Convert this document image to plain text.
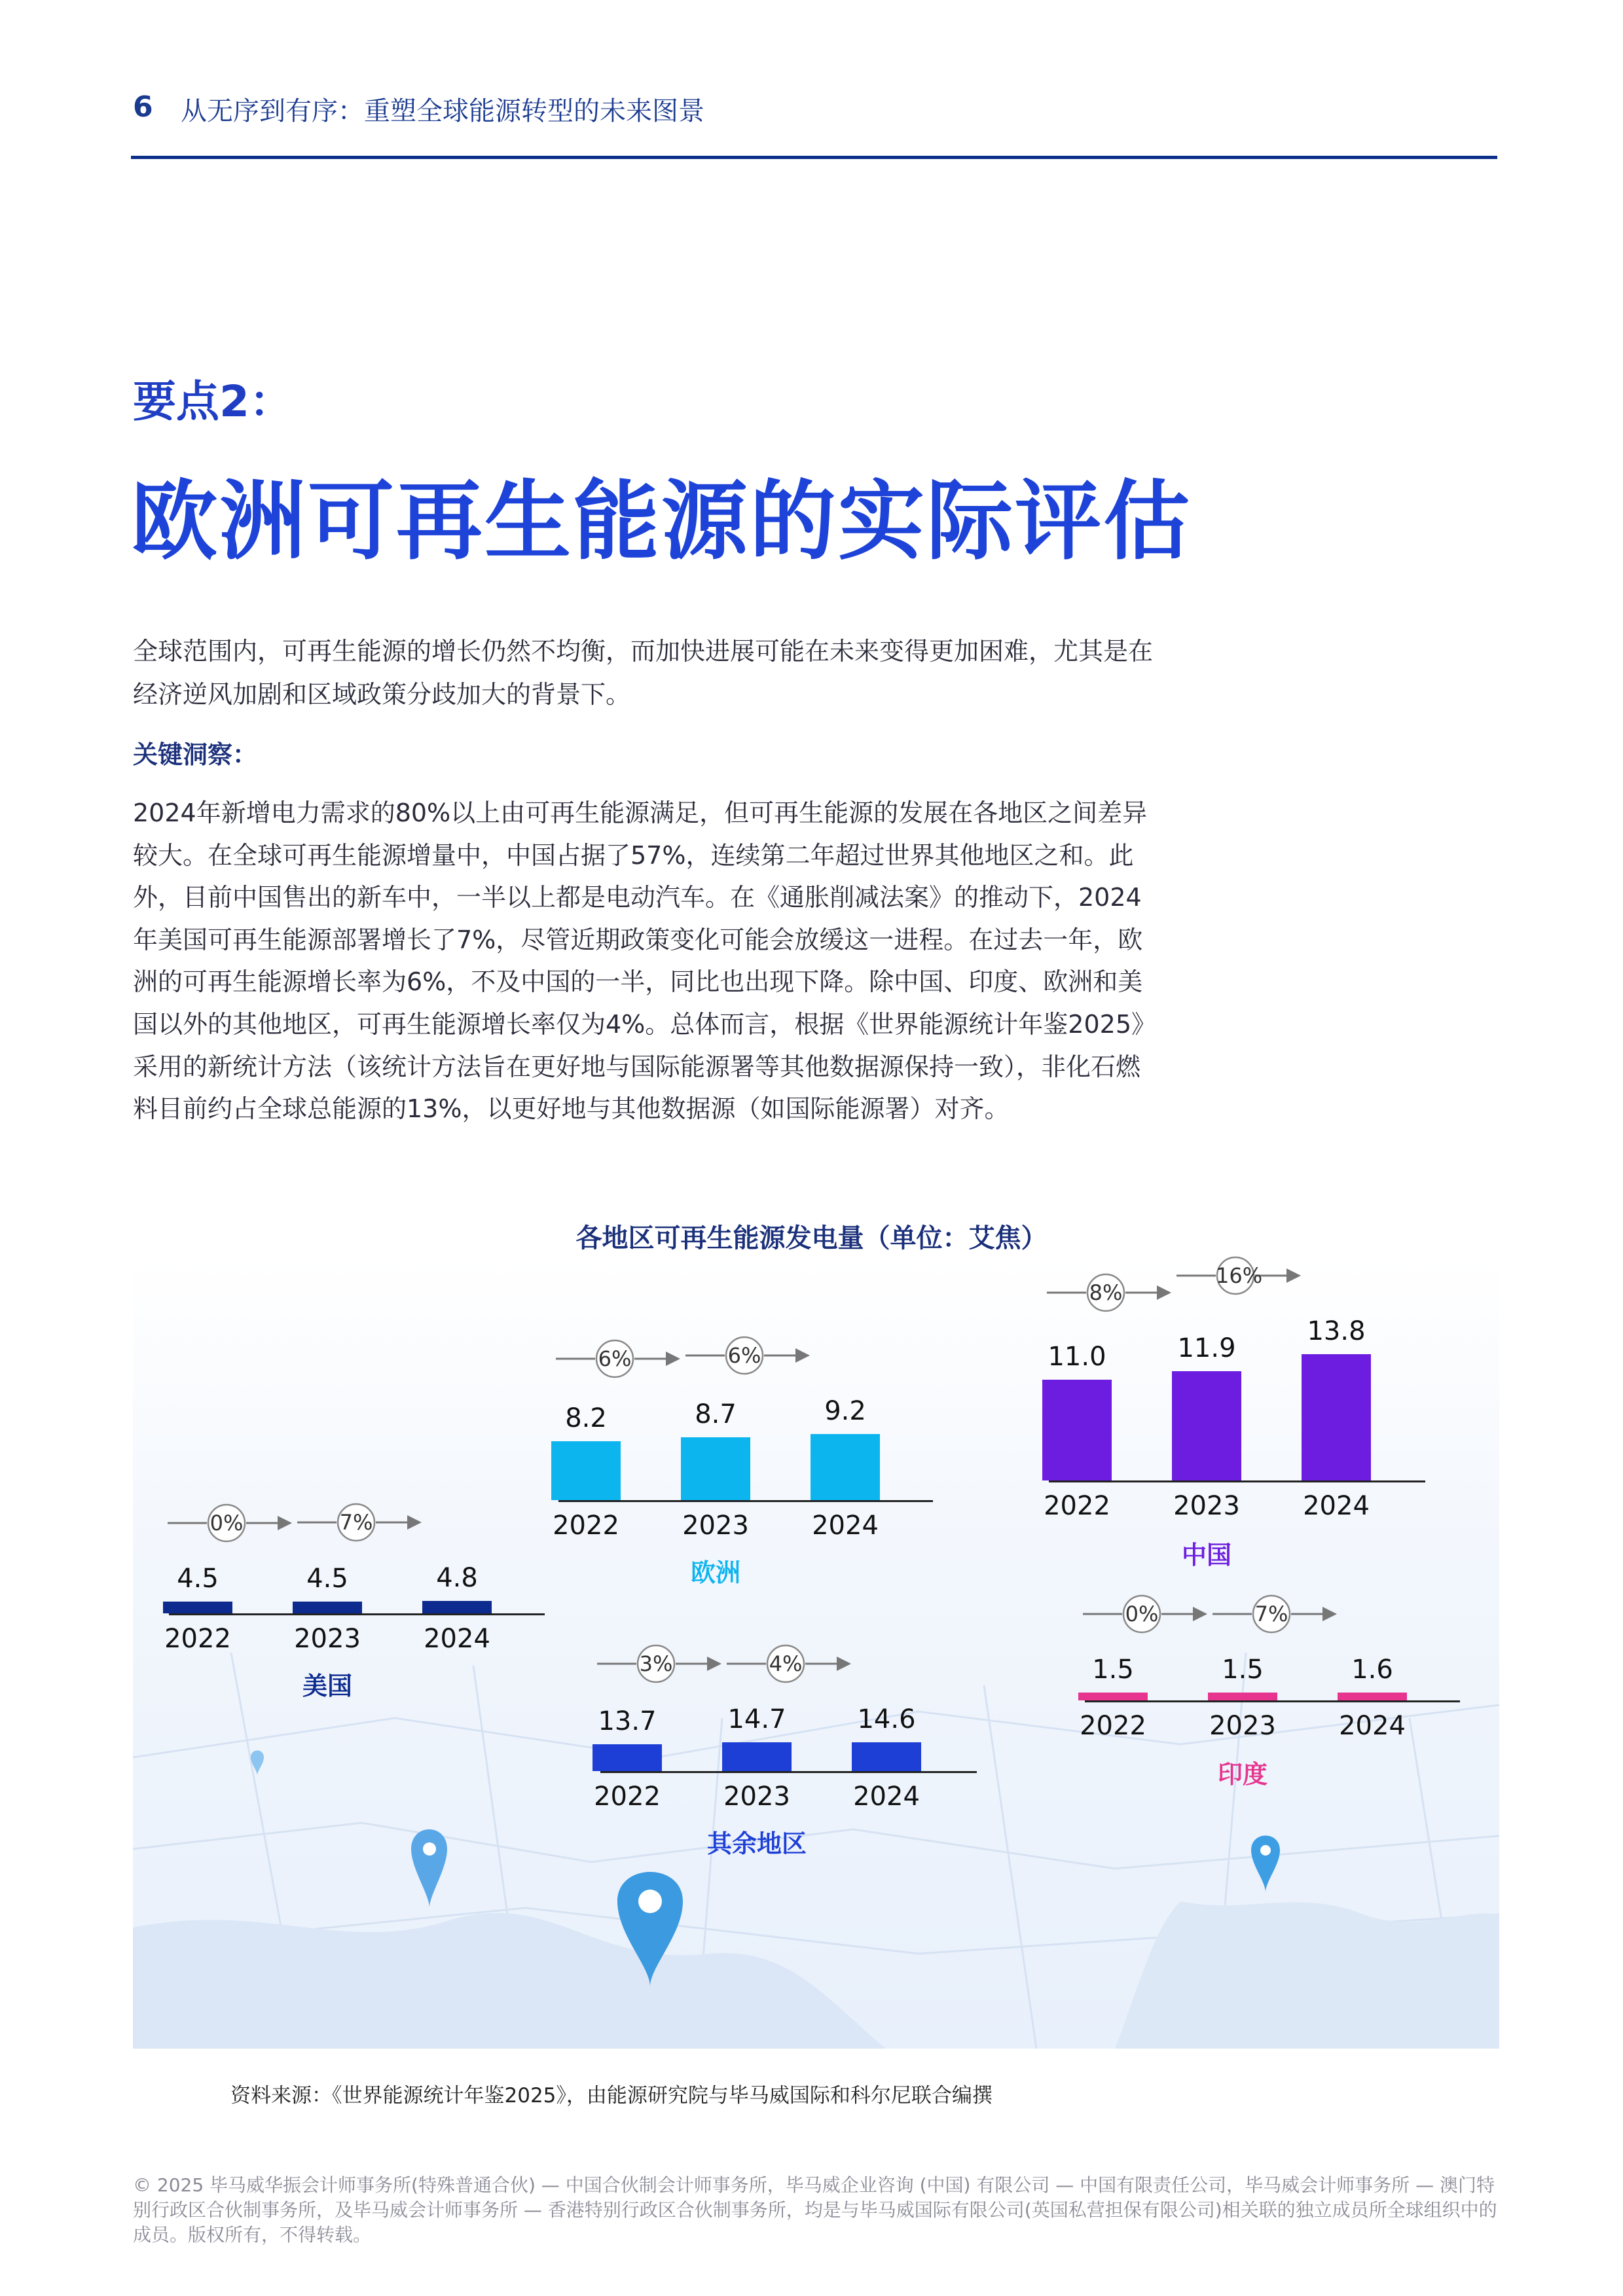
6 从无序到有序：重塑全球能源转型的未来图景
要点2：
欧洲可再生能源的实际评估
全球范围内，可再生能源的增长仍然不均衡，而加快进展可能在未来变得更加困难，尤其是在经济逆风加剧和区域政策分歧加大的背景下。
关键洞察：
2024年新增电力需求的80%以上由可再生能源满足，但可再生能源的发展在各地区之间差异较大。在全球可再生能源增量中，中国占据了57%，连续第二年超过世界其他地区之和。此外，目前中国售出的新车中，一半以上都是电动汽车。在《通胀削减法案》的推动下，2024年美国可再生能源部署增长了7%，尽管近期政策变化可能会放缓这一进程。在过去一年，欧洲的可再生能源增长率为6%，不及中国的一半，同比也出现下降。除中国、印度、欧洲和美国以外的其他地区，可再生能源增长率仅为4%。总体而言，根据《世界能源统计年鉴2025》采用的新统计方法（该统计方法旨在更好地与国际能源署等其他数据源保持一致），非化石燃料目前约占全球总能源的13%，以更好地与其他数据源（如国际能源署）对齐。
各地区可再生能源发电量（单位：艾焦）
4.5
2022
4.5
2023
4.8
2024
0%	7%
美国
8.2
2022
8.7
2023
9.2
2024
6%	6%
欧洲
11.0
2022
11.9
2023
13.8
2024
8%
16%
中国
1.5
2022
1.5
2023
1.6
2024
0%	7%
印度
13.7
2022
14.7
2023
14.6
2024
3%	4%
其余地区
资料来源：《世界能源统计年鉴2025》，由能源研究院与毕马威国际和科尔尼联合编撰
© 2025 毕马威华振会计师事务所(特殊普通合伙) — 中国合伙制会计师事务所，毕马威企业咨询 (中国) 有限公司 — 中国有限责任公司，毕马威会计师事务所 — 澳门特别行政区合伙制事务所，及毕马威会计师事务所 — 香港特别行政区合伙制事务所，均是与毕马威国际有限公司(英国私营担保有限公司)相关联的独立成员所全球组织中的成员。版权所有，不得转载。
